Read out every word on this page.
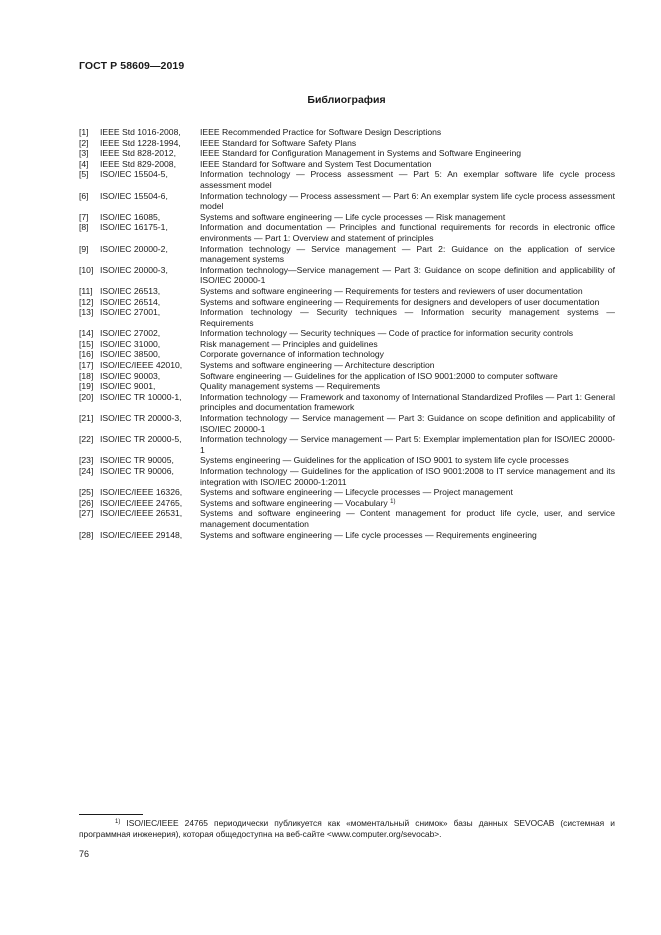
ГОСТ Р 58609—2019
Библиография
[1]	IEEE Std 1016-2008,	IEEE Recommended Practice for Software Design Descriptions
[2]	IEEE Std 1228-1994,	IEEE Standard for Software Safety Plans
[3]	IEEE Std 828-2012,	IEEE Standard for Configuration Management in Systems and Software Engineering
[4]	IEEE Std 829-2008,	IEEE Standard for Software and System Test Documentation
[5]	ISO/IEC 15504-5,	Information technology — Process assessment — Part 5: An exemplar software life cycle process assessment model
[6]	ISO/IEC 15504-6,	Information technology — Process assessment — Part 6: An exemplar system life cycle process assessment model
[7]	ISO/IEC 16085,	Systems and software engineering — Life cycle processes — Risk management
[8]	ISO/IEC 16175-1,	Information and documentation — Principles and functional requirements for records in electronic office environments — Part 1: Overview and statement of principles
[9]	ISO/IEC 20000-2,	Information technology — Service management — Part 2: Guidance on the application of service management systems
[10] ISO/IEC 20000-3,	Information technology—Service management — Part 3: Guidance on scope definition and applicability of ISO/IEC 20000-1
[11] ISO/IEC 26513,	Systems and software engineering — Requirements for testers and reviewers of user documentation
[12] ISO/IEC 26514,	Systems and software engineering — Requirements for designers and developers of user documentation
[13] ISO/IEC 27001,	Information technology — Security techniques — Information security management systems — Requirements
[14] ISO/IEC 27002,	Information technology — Security techniques — Code of practice for information security controls
[15] ISO/IEC 31000,	Risk management — Principles and guidelines
[16] ISO/IEC 38500,	Corporate governance of information technology
[17] ISO/IEC/IEEE 42010,	Systems and software engineering — Architecture description
[18] ISO/IEC 90003,	Software engineering — Guidelines for the application of ISO 9001:2000 to computer software
[19] ISO/IEC 9001,	Quality management systems — Requirements
[20] ISO/IEC TR 10000-1,	Information technology — Framework and taxonomy of International Standardized Profiles — Part 1: General principles and documentation framework
[21] ISO/IEC TR 20000-3,	Information technology — Service management — Part 3: Guidance on scope definition and applicability of ISO/IEC 20000-1
[22] ISO/IEC TR 20000-5,	Information technology — Service management — Part 5: Exemplar implementation plan for ISO/IEC 20000-1
[23] ISO/IEC TR 90005,	Systems engineering — Guidelines for the application of ISO 9001 to system life cycle processes
[24] ISO/IEC TR 90006,	Information technology — Guidelines for the application of ISO 9001:2008 to IT service management and its integration with ISO/IEC 20000-1:2011
[25] ISO/IEC/IEEE 16326,	Systems and software engineering — Lifecycle processes — Project management
[26] ISO/IEC/IEEE 24765,	Systems and software engineering — Vocabulary $^{1)}$
[27] ISO/IEC/IEEE 26531,	Systems and software engineering — Content management for product life cycle, user, and service management documentation
[28] ISO/IEC/IEEE 29148,	Systems and software engineering — Life cycle processes — Requirements engineering
$^{1)}$ ISO/IEC/IEEE 24765 периодически публикуется как «моментальный снимок» базы данных SEVOCAB (системная и программная инженерия), которая общедоступна на веб-сайте <www.computer.org/sevocab>.
76
